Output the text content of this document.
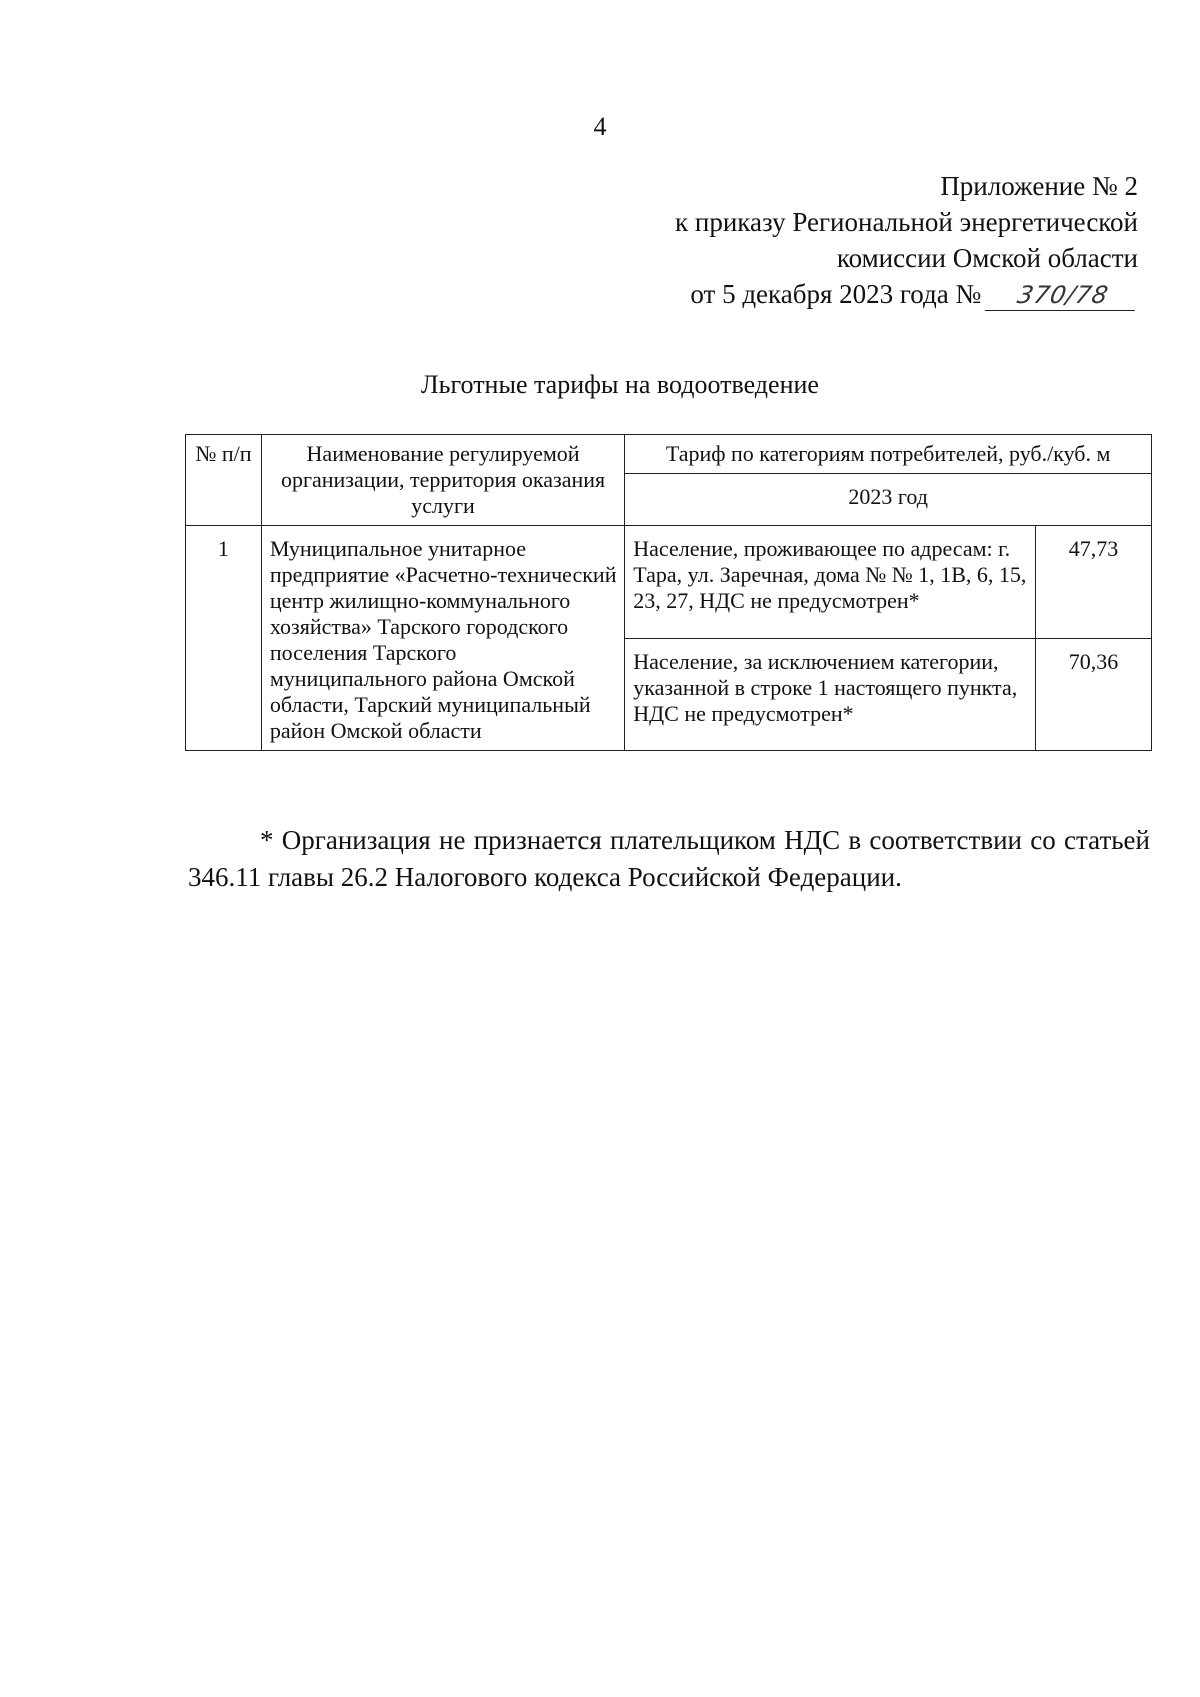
4
Приложение № 2
к приказу Региональной энергетической
комиссии Омской области
от 5 декабря 2023 года № 370/78
Льготные тарифы на водоотведение
№ п/п	Наименование регулируемой организации, территория оказания услуги	Тариф по категориям потребителей, руб./куб. м	
		2023 год	
1	Муниципальное унитарное предприятие «Расчетно-технический центр жилищно-коммунального хозяйства» Тарского городского поселения Тарского муниципального района Омской области, Тарский муниципальный район Омской области	Население, проживающее по адресам: г. Тара, ул. Заречная, дома № № 1, 1В, 6, 15, 23, 27, НДС не предусмотрен*	47,73
		Население, за исключением категории, указанной в строке 1 настоящего пункта, НДС не предусмотрен*	70,36
* Организация не признается плательщиком НДС в соответствии со статьей 346.11 главы 26.2 Налогового кодекса Российской Федерации.
